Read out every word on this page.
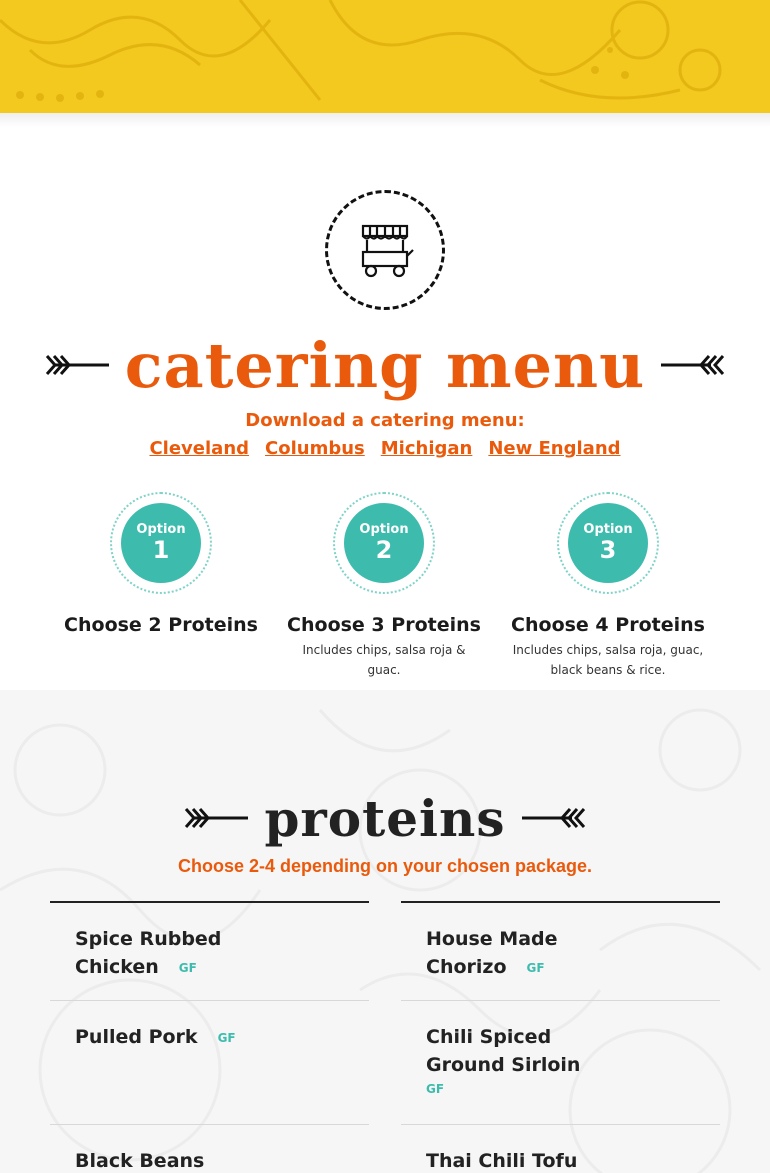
catering menu
Download a catering menu:
Cleveland Columbus Michigan New England
Option
1
Choose 2 Proteins
Option
2
Choose 3 Proteins
Includes chips, salsa roja & guac.
Option
3
Choose 4 Proteins
Includes chips, salsa roja, guac, black beans & rice.
proteins
Choose 2-4 depending on your chosen package.
Spice Rubbed
Chicken GF
Pulled Pork GF
Black Beans
House Made
Chorizo GF
Chili Spiced
Ground Sirloin
GF
Thai Chili Tofu
